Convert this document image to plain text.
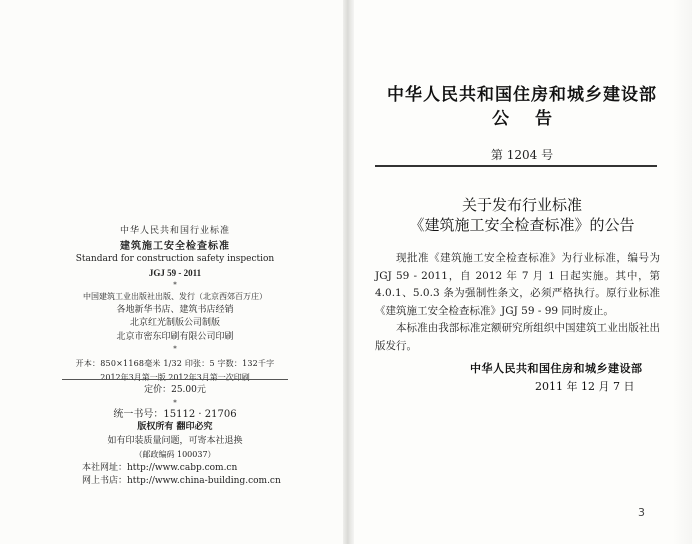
中华人民共和国行业标准
建筑施工安全检查标准
Standard for construction safety inspection
JGJ 59 - 2011
*
中国建筑工业出版社出版、发行（北京西郊百万庄）
各地新华书店、建筑书店经销
北京红光制版公司制版
北京市密东印刷有限公司印刷
*
开本：850×1168毫米 1/32 印张：5 字数：132千字
2012年3月第一版 2012年3月第一次印刷
定价：25.00元
*
统一书号：15112 · 21706
版权所有 翻印必究
如有印装质量问题，可寄本社退换
（邮政编码 100037）
本社网址：http://www.cabp.com.cn
网上书店：http://www.china-building.com.cn
中华人民共和国住房和城乡建设部
公告
第 1204 号
关于发布行业标准
《建筑施工安全检查标准》的公告

现批准《建筑施工安全检查标准》为行业标准，编号为 JGJ 59 - 2011，自 2012 年 7 月 1 日起实施。其中，第 4.0.1、5.0.3 条为强制性条文，必须严格执行。原行业标准《建筑施工安全检查标准》JGJ 59 - 99 同时废止。

本标准由我部标准定额研究所组织中国建筑工业出版社出版发行。

中华人民共和国住房和城乡建设部
2011 年 12 月 7 日
3
